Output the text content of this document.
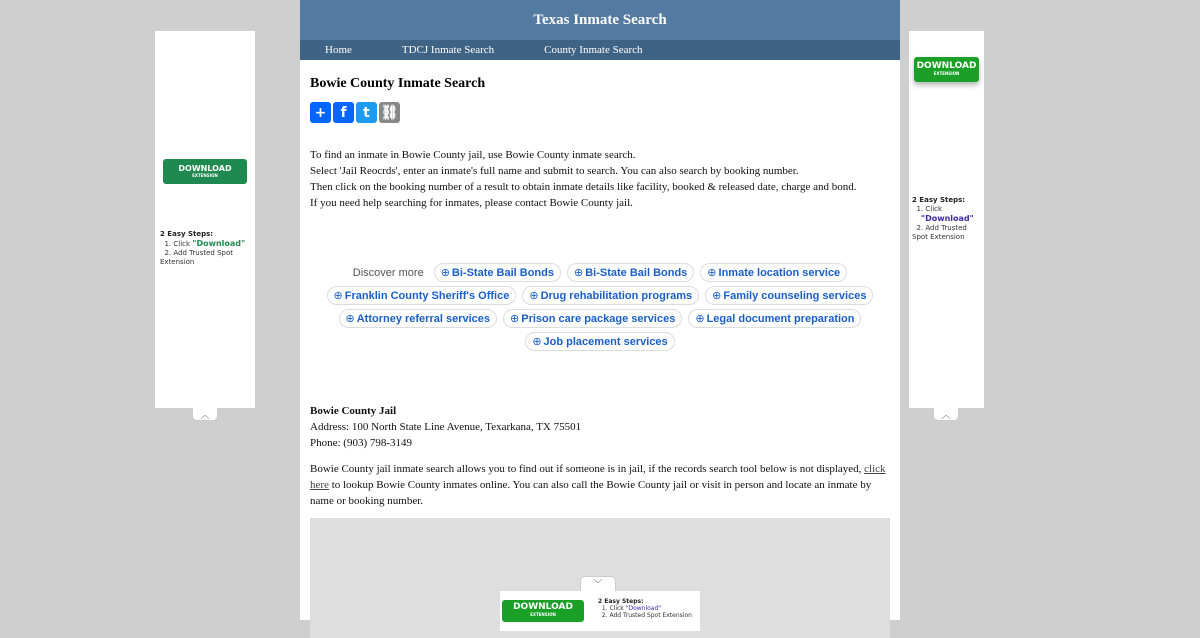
DOWNLOAD
EXTENSION
2 Easy Steps:
1. Click "Download"
2. Add Trusted Spot Extension
︿
DOWNLOAD
EXTENSION
2 Easy Steps:
1. Click
"Download"
2. Add Trusted Spot Extension
︿
Texas Inmate Search
Home	TDCJ Inmate Search	County Inmate Search
Bowie County Inmate Search
+	f	t ⛓
To find an inmate in Bowie County jail, use Bowie County inmate search.
Select 'Jail Reocrds', enter an inmate's full name and submit to search. You can also search by booking number.
Then click on the booking number of a result to obtain inmate details like facility, booked & released date, charge and bond.
If you need help searching for inmates, please contact Bowie County jail.
Discover more	⊕ Bi-State Bail Bonds	⊕ Bi-State Bail Bonds	⊕ Inmate location service
⊕ Franklin County Sheriff's Office	⊕ Drug rehabilitation programs	⊕ Family counseling services
⊕ Attorney referral services	⊕ Prison care package services	⊕ Legal document preparation
⊕ Job placement services
Bowie County Jail
Address: 100 North State Line Avenue, Texarkana, TX 75501
Phone: (903) 798-3149
Bowie County jail inmate search allows you to find out if someone is in jail, if the records search tool below is not displayed, click here to lookup Bowie County inmates online. You can also call the Bowie County jail or visit in person and locate an inmate by name or booking number.
﹀
DOWNLOAD
EXTENSION
2 Easy Steps:
1. Click "Download"
2. Add Trusted Spot Extension
